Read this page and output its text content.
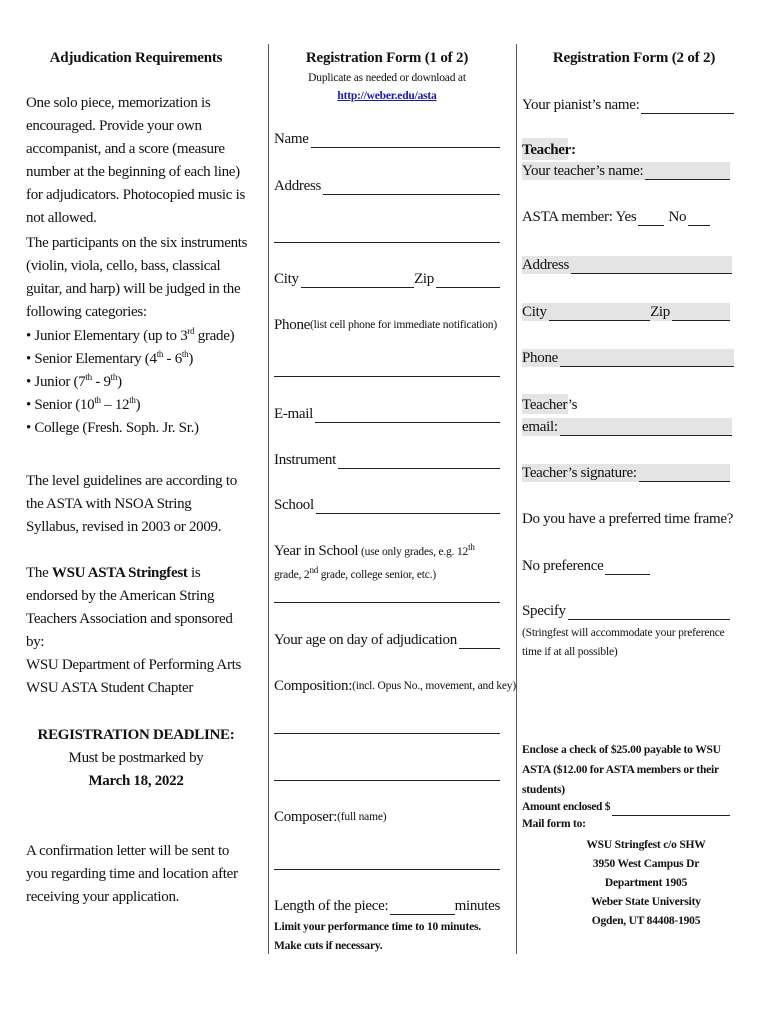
Adjudication Requirements
One solo piece, memorization is encouraged. Provide your own accompanist, and a score (measure number at the beginning of each line) for adjudicators. Photocopied music is not allowed.
The participants on the six instruments (violin, viola, cello, bass, classical guitar, and harp) will be judged in the following categories:
• Junior Elementary (up to 3rd grade)
• Senior Elementary (4th - 6th)
• Junior (7th - 9th)
• Senior (10th – 12th)
• College (Fresh. Soph. Jr. Sr.)
The level guidelines are according to the ASTA with NSOA String Syllabus, revised in 2003 or 2009.
The WSU ASTA Stringfest is endorsed by the American String Teachers Association and sponsored by:
WSU Department of Performing Arts
WSU ASTA Student Chapter
REGISTRATION DEADLINE:
Must be postmarked by
March 18, 2022
A confirmation letter will be sent to you regarding time and location after receiving your application.
Registration Form (1 of 2)
Duplicate as needed or download at
http://weber.edu/asta
Name
Address
City	Zip
Phone (list cell phone for immediate notification)
E-mail
Instrument
School
Year in School (use only grades, e.g. 12th grade, 2nd grade, college senior, etc.)
Your age on day of adjudication
Composition: (incl. Opus No., movement, and key)
Composer: (full name)
Length of the piece:	minutes
Limit your performance time to 10 minutes. Make cuts if necessary.
Registration Form (2 of 2)
Your pianist’s name:
Teacher:
Your teacher’s name:
ASTA member: Yes No
Address
City	Zip
Phone
Teacher’s
email:
Teacher’s signature:
Do you have a preferred time frame?
No preference
Specify
(Stringfest will accommodate your preference time if at all possible)
Enclose a check of $25.00 payable to WSU ASTA ($12.00 for ASTA members or their students)
Amount enclosed $
Mail form to:
WSU Stringfest c/o SHW
3950 West Campus Dr
Department 1905
Weber State University
Ogden, UT 84408-1905
